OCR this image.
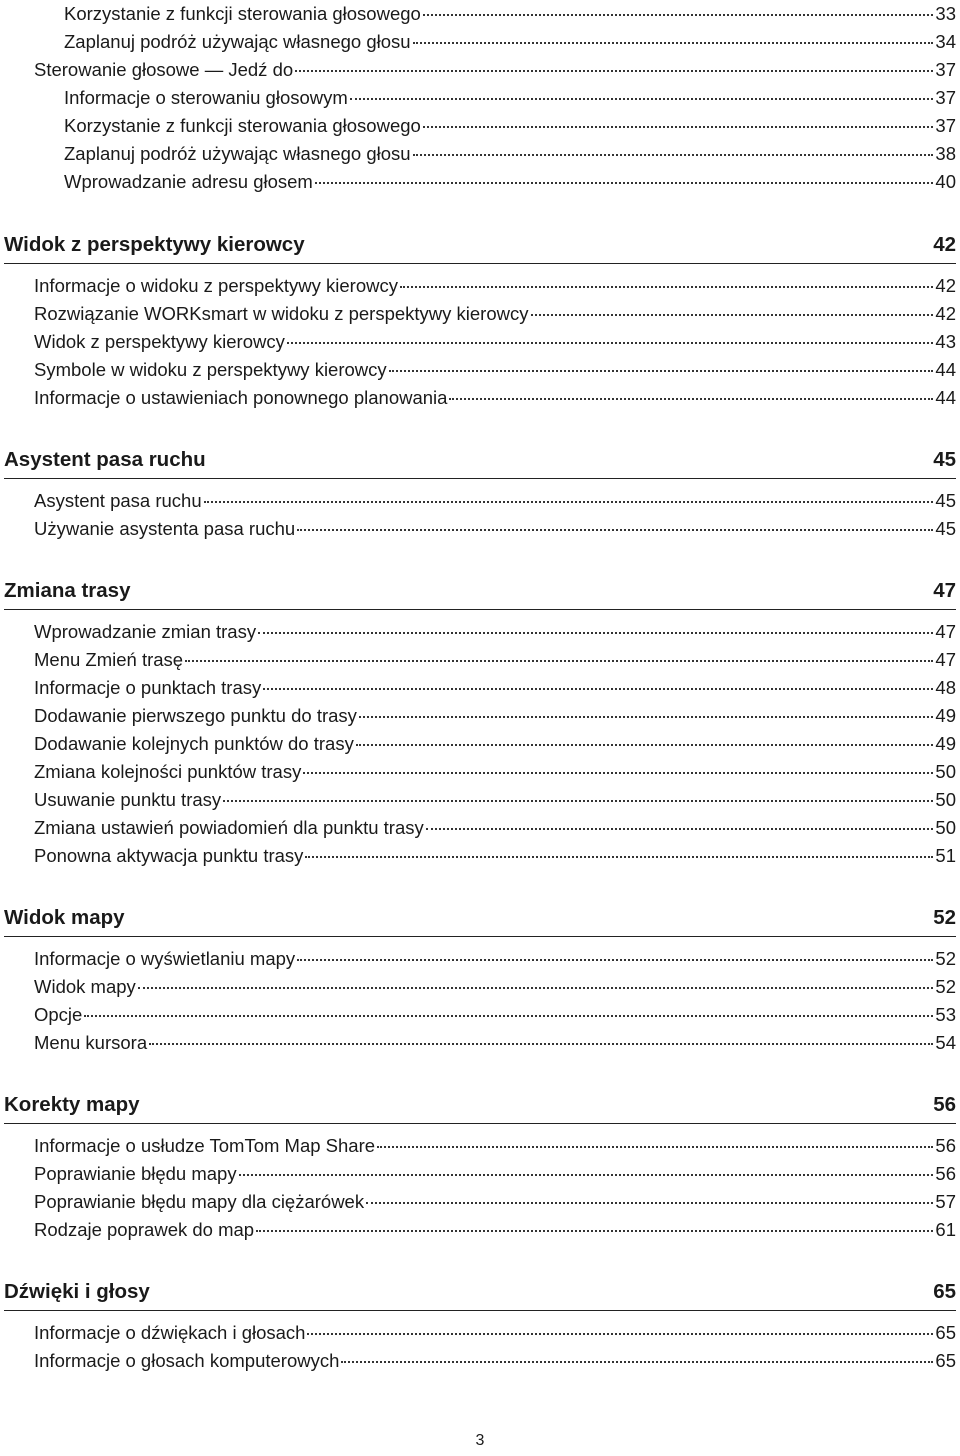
Korzystanie z funkcji sterowania głosowego	33
Zaplanuj podróż używając własnego głosu	34
Sterowanie głosowe — Jedź do	37
Informacje o sterowaniu głosowym	37
Korzystanie z funkcji sterowania głosowego	37
Zaplanuj podróż używając własnego głosu	38
Wprowadzanie adresu głosem	40
Widok z perspektywy kierowcy	42
Informacje o widoku z perspektywy kierowcy	42
Rozwiązanie WORKsmart w widoku z perspektywy kierowcy	42
Widok z perspektywy kierowcy	43
Symbole w widoku z perspektywy kierowcy	44
Informacje o ustawieniach ponownego planowania	44
Asystent pasa ruchu	45
Asystent pasa ruchu	45
Używanie asystenta pasa ruchu	45
Zmiana trasy	47
Wprowadzanie zmian trasy	47
Menu Zmień trasę	47
Informacje o punktach trasy	48
Dodawanie pierwszego punktu do trasy	49
Dodawanie kolejnych punktów do trasy	49
Zmiana kolejności punktów trasy	50
Usuwanie punktu trasy	50
Zmiana ustawień powiadomień dla punktu trasy	50
Ponowna aktywacja punktu trasy	51
Widok mapy	52
Informacje o wyświetlaniu mapy	52
Widok mapy	52
Opcje	53
Menu kursora	54
Korekty mapy	56
Informacje o usłudze TomTom Map Share	56
Poprawianie błędu mapy	56
Poprawianie błędu mapy dla ciężarówek	57
Rodzaje poprawek do map	61
Dźwięki i głosy	65
Informacje o dźwiękach i głosach	65
Informacje o głosach komputerowych	65
3
